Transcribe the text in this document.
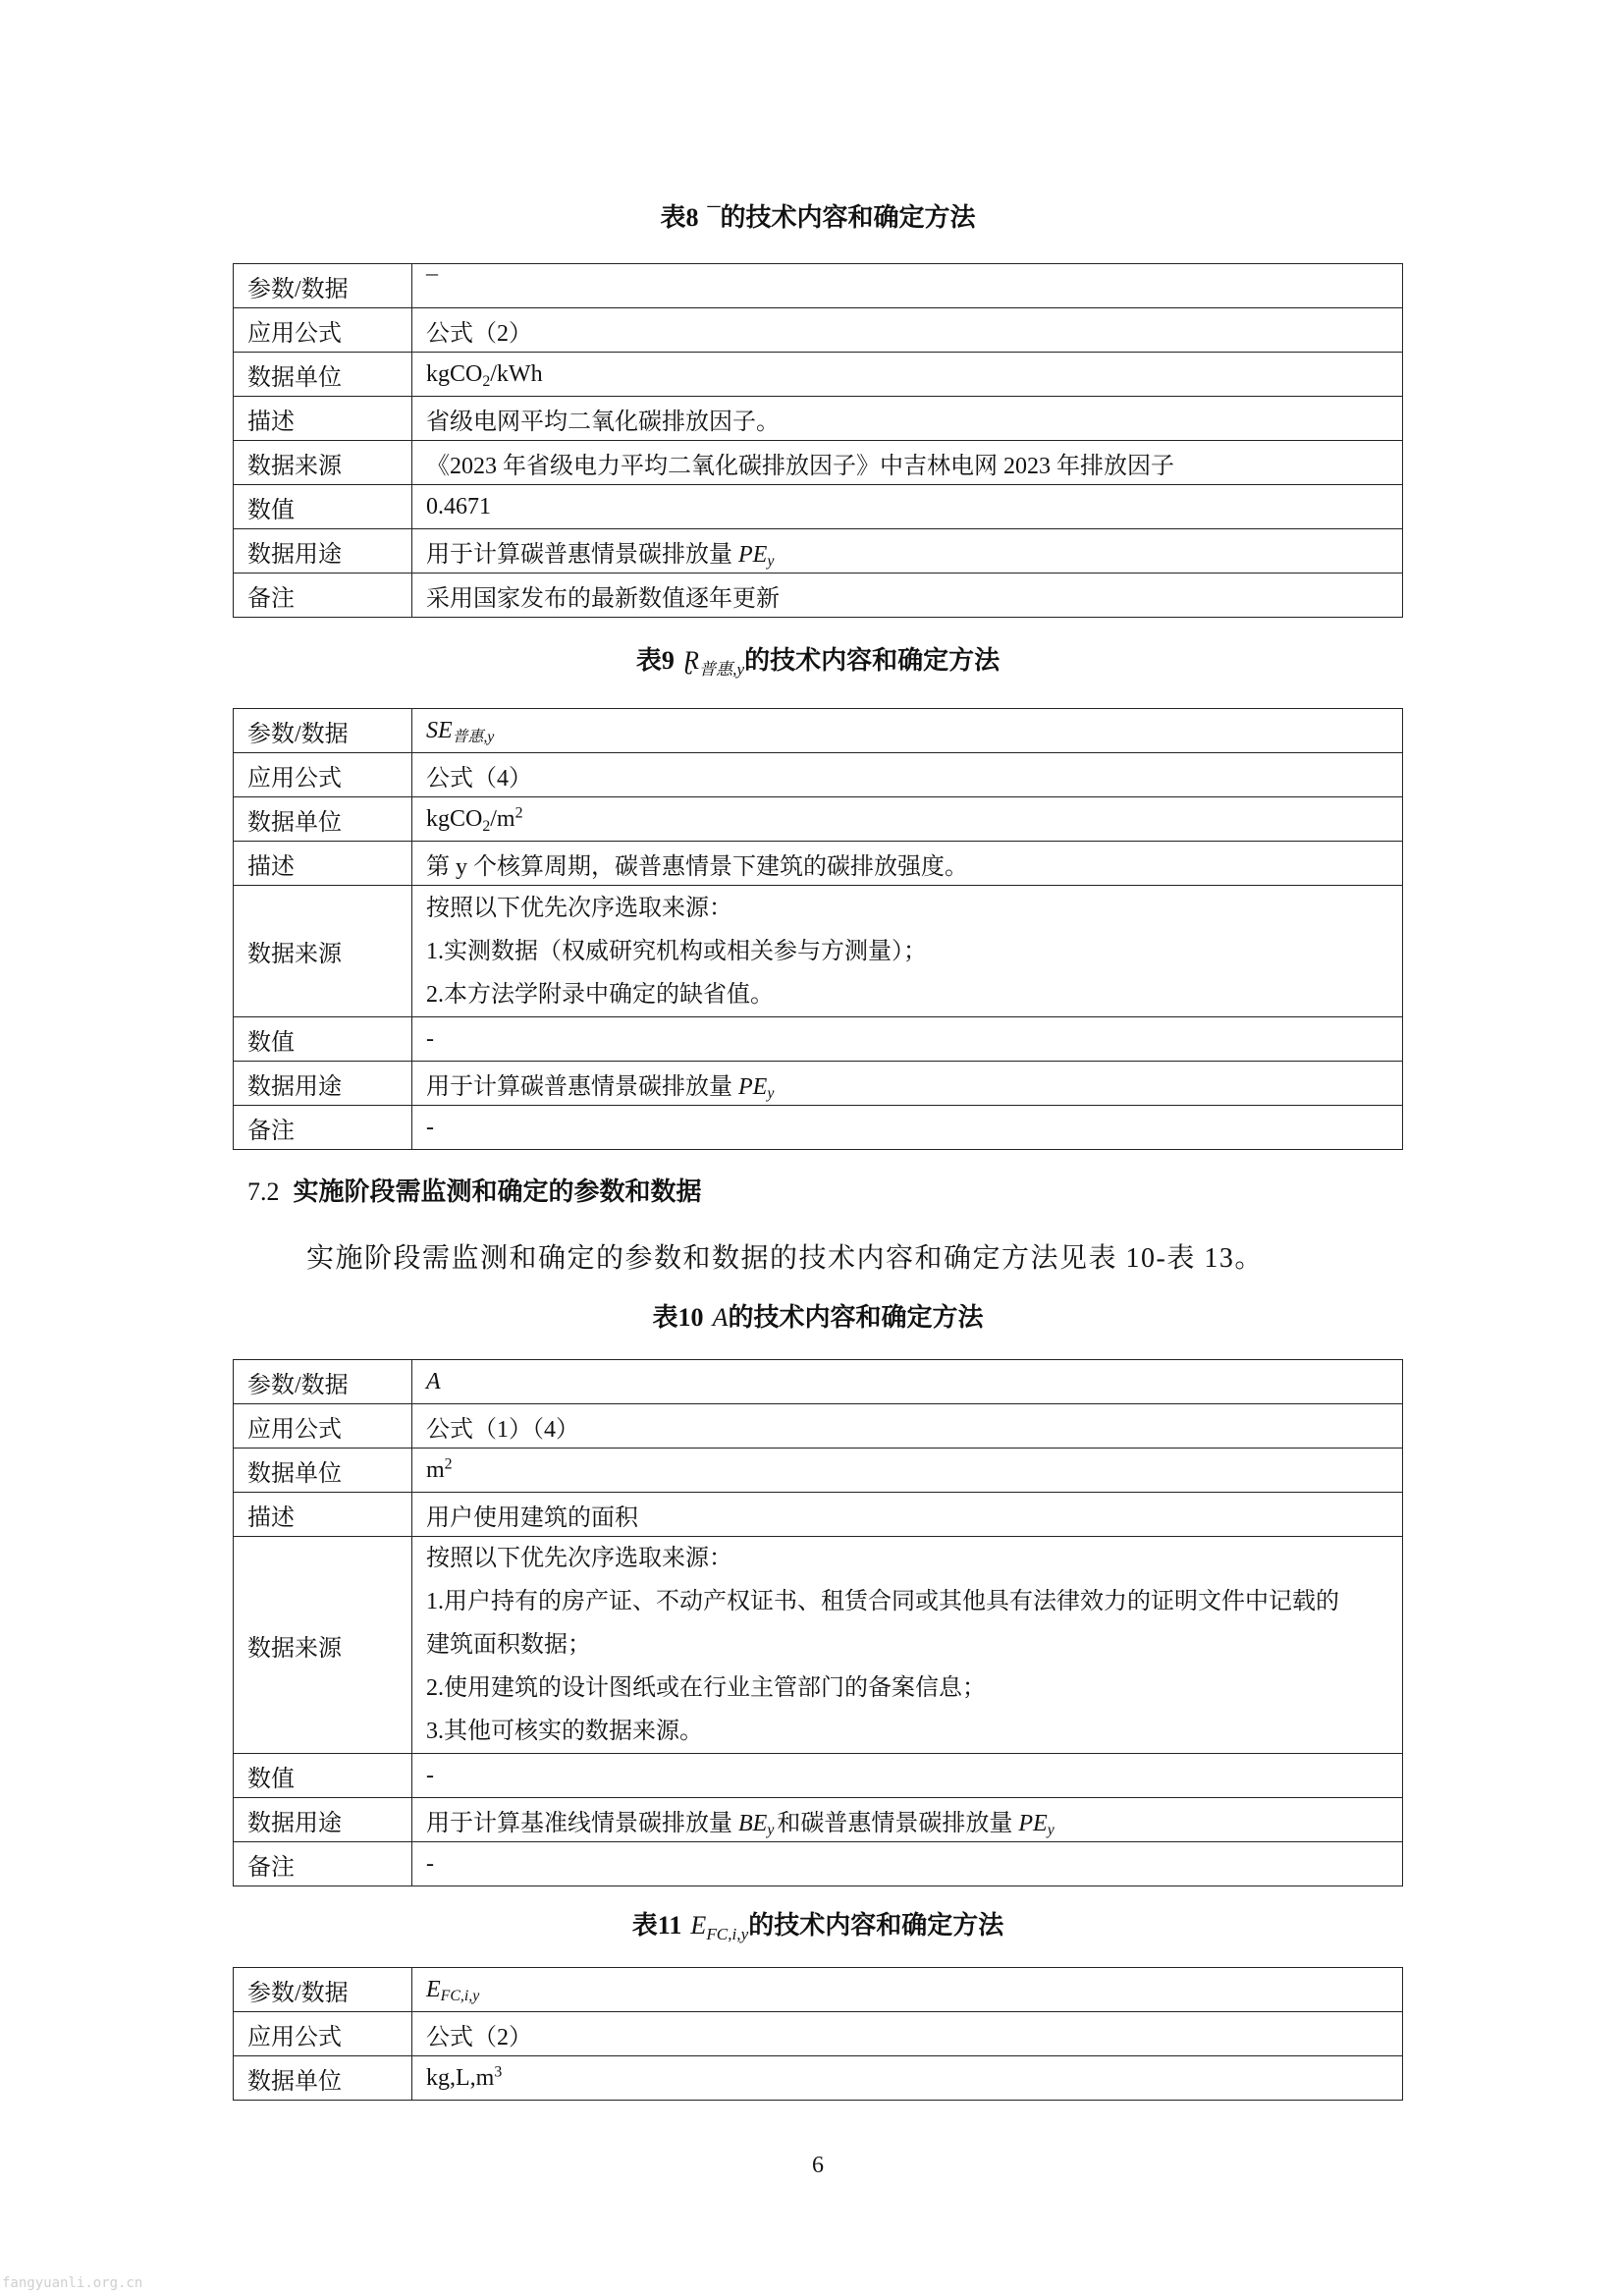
表8 ¯的技术内容和确定方法
参数/数据	¯
应用公式	公式（2）
数据单位	kgCO2/kWh
描述	省级电网平均二氧化碳排放因子。
数据来源	《2023 年省级电力平均二氧化碳排放因子》中吉林电网 2023 年排放因子
数值	0.4671
数据用途	用于计算碳普惠情景碳排放量 PEy
备注	采用国家发布的最新数值逐年更新
表9 Ɽ$_{普惠,y}$的技术内容和确定方法
参数/数据	SE普惠,y
应用公式	公式（4）
数据单位	$kgCO2/m^2$
描述	第 y 个核算周期，碳普惠情景下建筑的碳排放强度。
数据来源	按照以下优先次序选取来源：
1.实测数据（权威研究机构或相关参与方测量）；
2.本方法学附录中确定的缺省值。

数值	-
数据用途	用于计算碳普惠情景碳排放量 PEy
备注	-
7.2 实施阶段需监测和确定的参数和数据
实施阶段需监测和确定的参数和数据的技术内容和确定方法见表 10-表 13。
表10 A的技术内容和确定方法
参数/数据	A
应用公式	公式（1）（4）
数据单位	$m^2$
描述	用户使用建筑的面积
数据来源	按照以下优先次序选取来源：
1.用户持有的房产证、不动产权证书、租赁合同或其他具有法律效力的证明文件中记载的
建筑面积数据；
2.使用建筑的设计图纸或在行业主管部门的备案信息；
3.其他可核实的数据来源。

数值	-
数据用途	用于计算基准线情景碳排放量 BEy 和碳普惠情景碳排放量 PEy
备注	-
表11 $E_{FC,i,y}$的技术内容和确定方法
参数/数据	EFC,i,y
应用公式	公式（2）
数据单位	$kg,L,m^3$
6
fangyuanli.org.cn
